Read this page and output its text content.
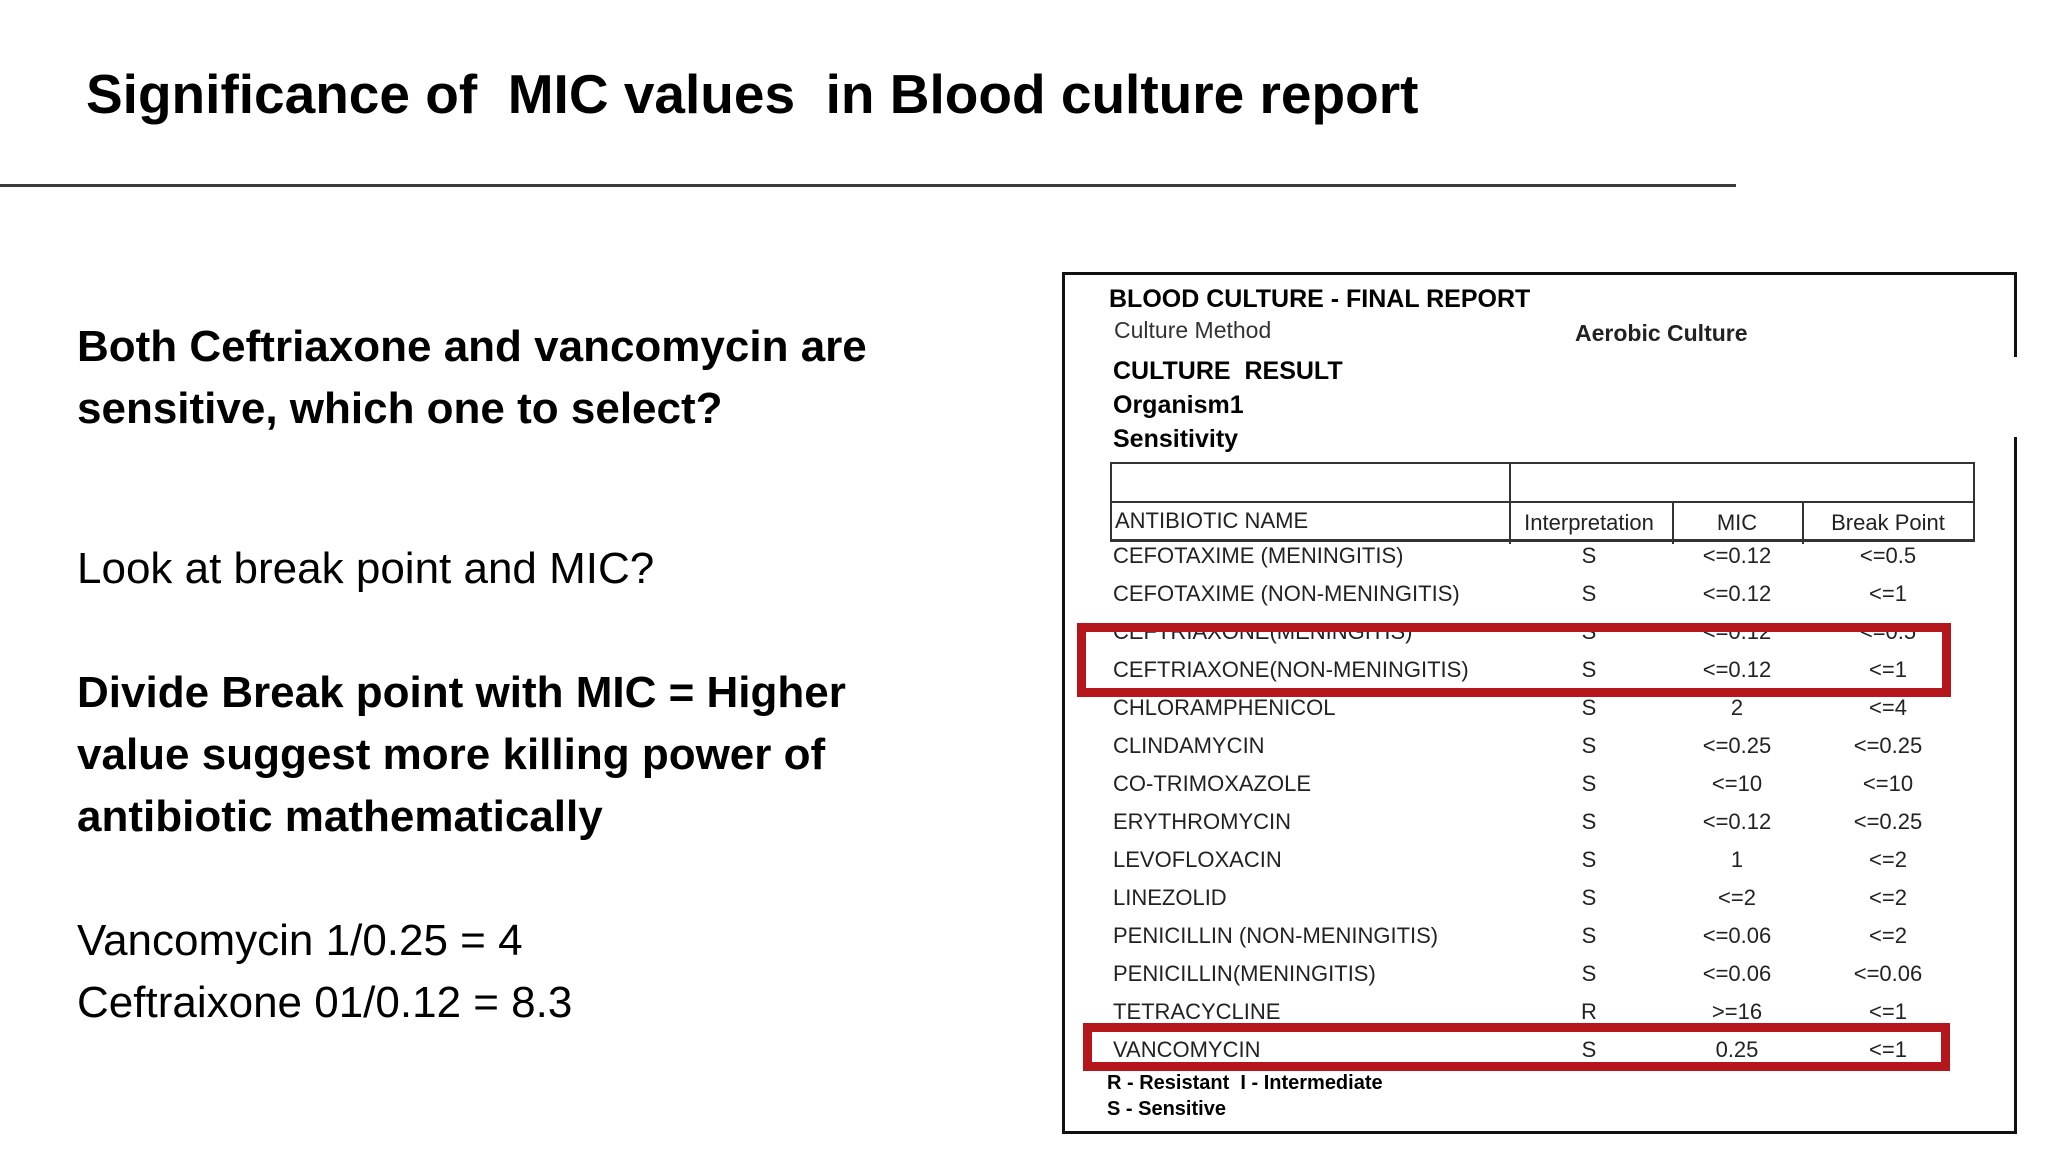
Significance of  MIC values  in Blood culture report
Both Ceftriaxone and vancomycin are
sensitive, which one to select?
Look at break point and MIC?
Divide Break point with MIC = Higher
value suggest more killing power of
antibiotic mathematically
Vancomycin 1/0.25 = 4
Ceftraixone 01/0.12 = 8.3
BLOOD CULTURE - FINAL REPORT
Culture Method	Aerobic Culture
CULTURE  RESULT
Organism1
Sensitivity
ANTIBIOTIC NAME	Interpretation	MIC	Break Point
CEFOTAXIME (MENINGITIS)	S	<=0.12	<=0.5
CEFOTAXIME (NON-MENINGITIS)	S	<=0.12	<=1
CEFTRIAXONE(MENINGITIS)	S	<=0.12	<=0.5
CEFTRIAXONE(NON-MENINGITIS)	S	<=0.12	<=1
CHLORAMPHENICOL	S	2	<=4
CLINDAMYCIN	S	<=0.25	<=0.25
CO-TRIMOXAZOLE	S	<=10	<=10
ERYTHROMYCIN	S	<=0.12	<=0.25
LEVOFLOXACIN	S	1	<=2
LINEZOLID	S	<=2	<=2
PENICILLIN (NON-MENINGITIS)	S	<=0.06	<=2
PENICILLIN(MENINGITIS)	S	<=0.06	<=0.06
TETRACYCLINE	R	>=16	<=1
VANCOMYCIN	S	0.25	<=1
R - Resistant  I - Intermediate
S - Sensitive
